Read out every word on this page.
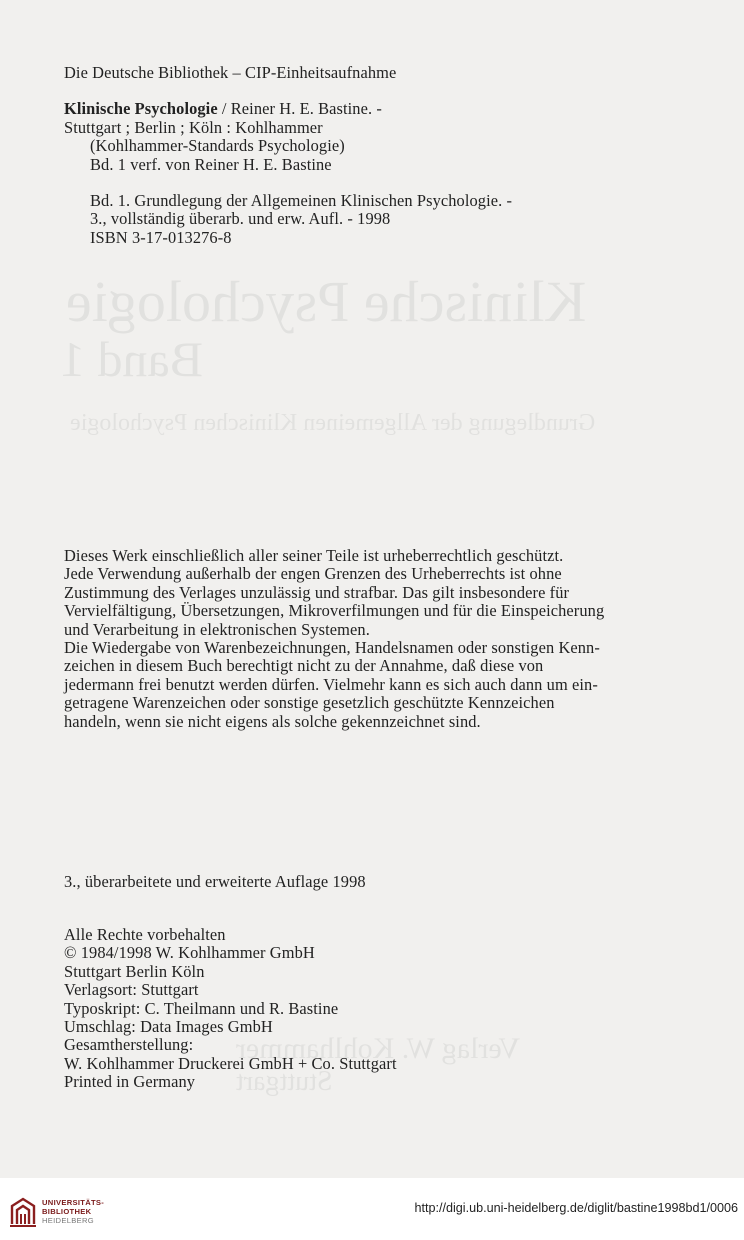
Klinische Psychologie
Band 1
Grundlegung der Allgemeinen Klinischen Psychologie
Verlag W. Kohlhammer
Stuttgart
Die Deutsche Bibliothek – CIP-Einheitsaufnahme
Klinische Psychologie / Reiner H. E. Bastine. -
Stuttgart ; Berlin ; Köln : Kohlhammer
(Kohlhammer-Standards Psychologie)
Bd. 1 verf. von Reiner H. E. Bastine
Bd. 1. Grundlegung der Allgemeinen Klinischen Psychologie. -
3., vollständig überarb. und erw. Aufl. - 1998
ISBN 3-17-013276-8
Dieses Werk einschließlich aller seiner Teile ist urheberrechtlich geschützt.
Jede Verwendung außerhalb der engen Grenzen des Urheberrechts ist ohne
Zustimmung des Verlages unzulässig und strafbar. Das gilt insbesondere für
Vervielfältigung, Übersetzungen, Mikroverfilmungen und für die Einspeicherung
und Verarbeitung in elektronischen Systemen.
Die Wiedergabe von Warenbezeichnungen, Handelsnamen oder sonstigen Kenn-
zeichen in diesem Buch berechtigt nicht zu der Annahme, daß diese von
jedermann frei benutzt werden dürfen. Vielmehr kann es sich auch dann um ein-
getragene Warenzeichen oder sonstige gesetzlich geschützte Kennzeichen
handeln, wenn sie nicht eigens als solche gekennzeichnet sind.
3., überarbeitete und erweiterte Auflage 1998
Alle Rechte vorbehalten
© 1984/1998 W. Kohlhammer GmbH
Stuttgart Berlin Köln
Verlagsort: Stuttgart
Typoskript: C. Theilmann und R. Bastine
Umschlag: Data Images GmbH
Gesamtherstellung:
W. Kohlhammer Druckerei GmbH + Co. Stuttgart
Printed in Germany
UNIVERSITÄTS-
BIBLIOTHEK
HEIDELBERG
http://digi.ub.uni-heidelberg.de/diglit/bastine1998bd1/0006
